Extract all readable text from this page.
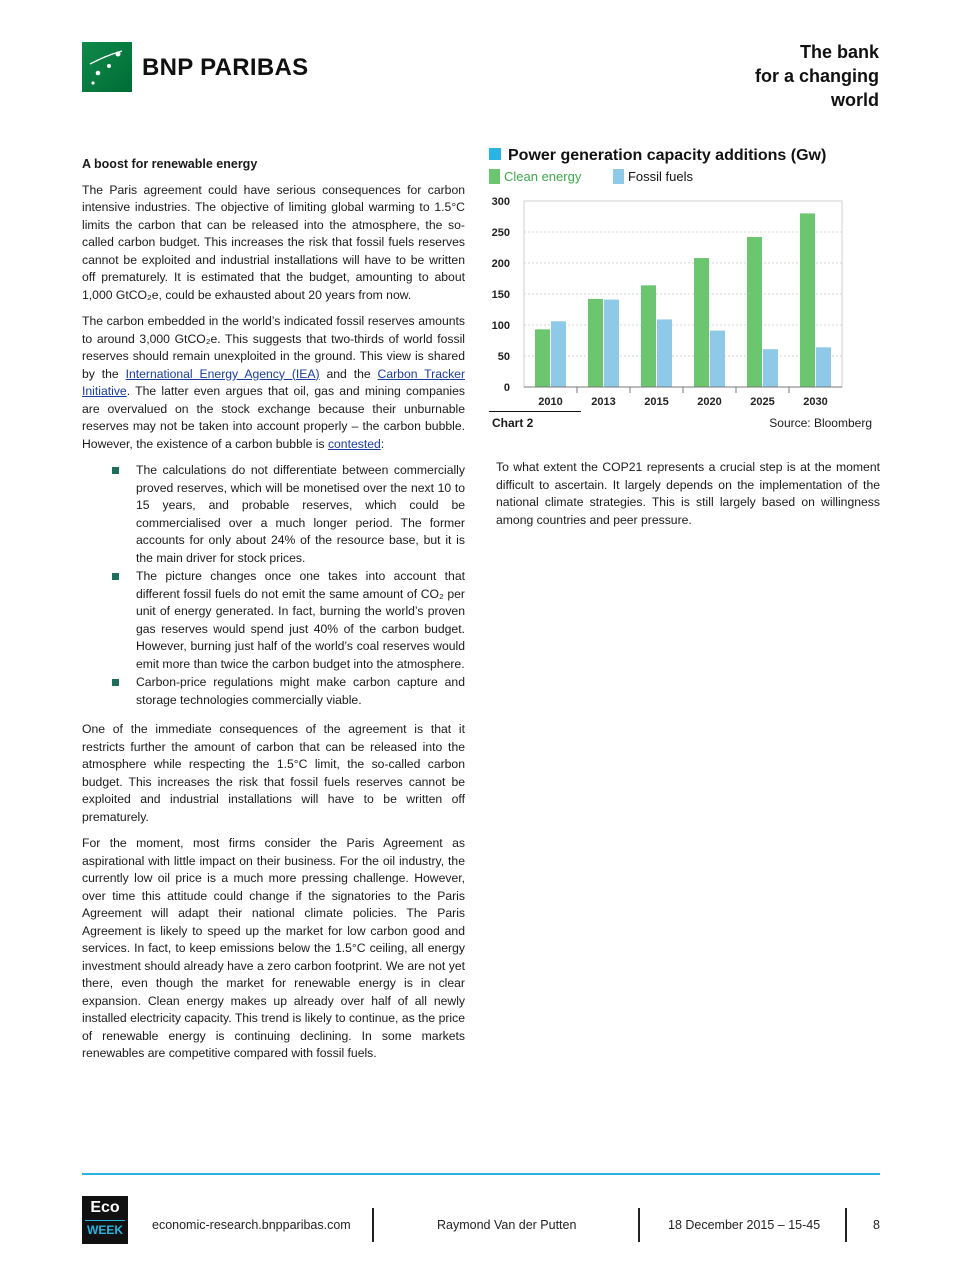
BNP PARIBAS
The bank
for a changing
world
A boost for renewable energy

The Paris agreement could have serious consequences for carbon intensive industries. The objective of limiting global warming to 1.5°C limits the carbon that can be released into the atmosphere, the so-called carbon budget. This increases the risk that fossil fuels reserves cannot be exploited and industrial installations will have to be written off prematurely. It is estimated that the budget, amounting to about 1,000 GtCO₂e, could be exhausted about 20 years from now.

The carbon embedded in the world’s indicated fossil reserves amounts to around 3,000 GtCO₂e. This suggests that two-thirds of world fossil reserves should remain unexploited in the ground. This view is shared by the International Energy Agency (IEA) and the Carbon Tracker Initiative. The latter even argues that oil, gas and mining companies are overvalued on the stock exchange because their unburnable reserves may not be taken into account properly – the carbon bubble. However, the existence of a carbon bubble is contested:

The calculations do not differentiate between commercially proved reserves, which will be monetised over the next 10 to 15 years, and probable reserves, which could be commercialised over a much longer period. The former accounts for only about 24% of the resource base, but it is the main driver for stock prices.
The picture changes once one takes into account that different fossil fuels do not emit the same amount of CO₂ per unit of energy generated. In fact, burning the world’s proven gas reserves would spend just 40% of the carbon budget. However, burning just half of the world’s coal reserves would emit more than twice the carbon budget into the atmosphere.
Carbon-price regulations might make carbon capture and storage technologies commercially viable.

One of the immediate consequences of the agreement is that it restricts further the amount of carbon that can be released into the atmosphere while respecting the 1.5°C limit, the so-called carbon budget. This increases the risk that fossil fuels reserves cannot be exploited and industrial installations will have to be written off prematurely.

For the moment, most firms consider the Paris Agreement as aspirational with little impact on their business. For the oil industry, the currently low oil price is a much more pressing challenge. However, over time this attitude could change if the signatories to the Paris Agreement will adapt their national climate policies. The Paris Agreement is likely to speed up the market for low carbon good and services. In fact, to keep emissions below the 1.5°C ceiling, all energy investment should already have a zero carbon footprint. We are not yet there, even though the market for renewable energy is in clear expansion. Clean energy makes up already over half of all newly installed electricity capacity. This trend is likely to continue, as the price of renewable energy is continuing declining. In some markets renewables are competitive compared with fossil fuels.

Power generation capacity additions (Gw)
Clean energy	Fossil fuels
0
50
100
150
200
250
300
2010	2013	2015	2020	2025	2030
Chart 2	Source: Bloomberg
To what extent the COP21 represents a crucial step is at the moment difficult to ascertain. It largely depends on the implementation of the national climate strategies. This is still largely based on willingness among countries and peer pressure.
Eco
WEEK economic-research.bnpparibas.com	Raymond Van der Putten	18 December 2015 – 15-45	8
